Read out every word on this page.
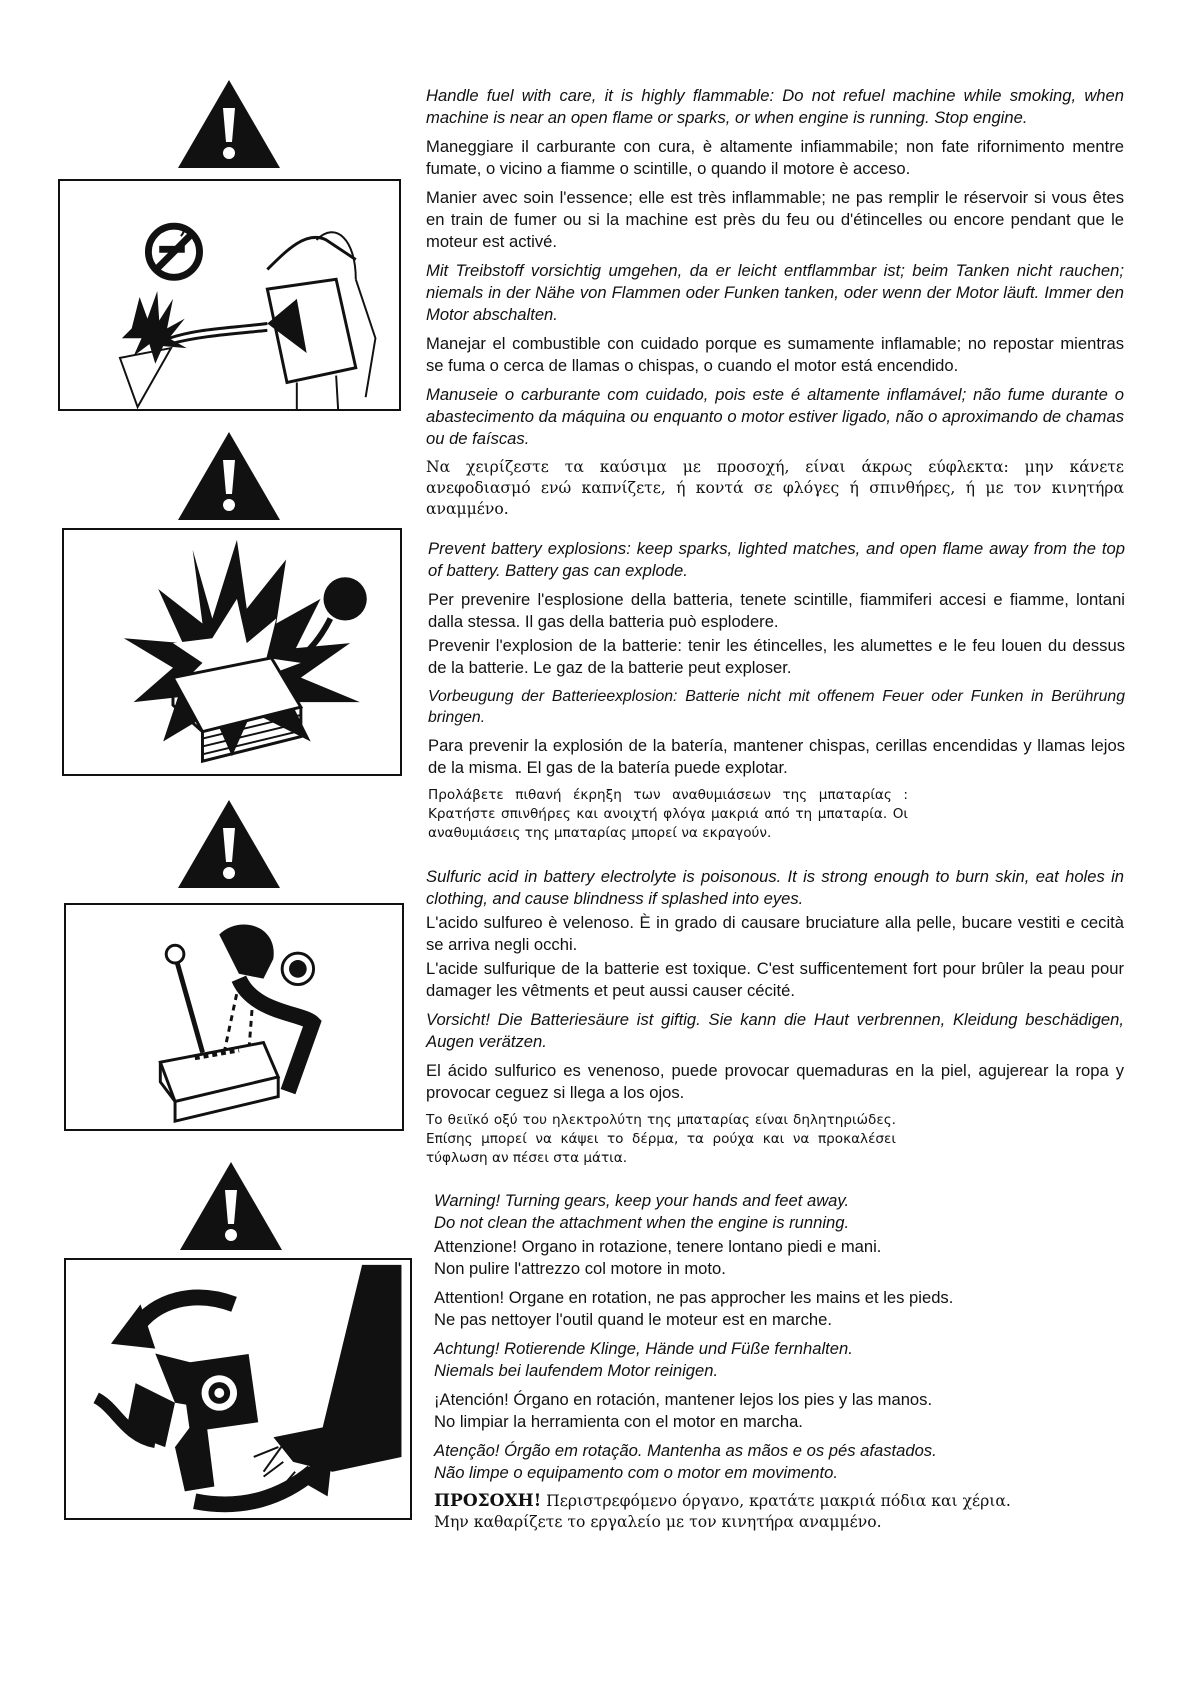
Handle fuel with care, it is highly flammable: Do not refuel machine while smoking, when machine is near an open flame or sparks, or when engine is running. Stop engine.

Maneggiare il carburante con cura, è altamente infiammabile; non fate rifornimento mentre fumate, o vicino a fiamme o scintille, o quando il motore è acceso.

Manier avec soin l'essence; elle est très inflammable; ne pas remplir le réservoir si vous êtes en train de fumer ou si la machine est près du feu ou d'étincelles ou encore pendant que le moteur est activé.

Mit Treibstoff vorsichtig umgehen, da er leicht entflammbar ist; beim Tanken nicht rauchen; niemals in der Nähe von Flammen oder Funken tanken, oder wenn der Motor läuft. Immer den Motor abschalten.

Manejar el combustible con cuidado porque es sumamente inflamable; no repostar mientras se fuma o cerca de llamas o chispas, o cuando el motor está encendido.

Manuseie o carburante com cuidado, pois este é altamente inflamável; não fume durante o abastecimento da máquina ou enquanto o motor estiver ligado, não o aproximando de chamas ou de faíscas.

Να χειρίζεστε τα καύσιμα με προσοχή, είναι άκρως εύφλεκτα: μην κάνετε ανεφοδιασμό ενώ καπνίζετε, ή κοντά σε φλόγες ή σπινθήρες, ή με τον κινητήρα αναμμένο.

Prevent battery explosions: keep sparks, lighted matches, and open flame away from the top of battery. Battery gas can explode.

Per prevenire l'esplosione della batteria, tenete scintille, fiammiferi accesi e fiamme, lontani dalla stessa. Il gas della batteria può esplodere.

Prevenir l'explosion de la batterie: tenir les étincelles, les alumettes e le feu louen du dessus de la batterie. Le gaz de la batterie peut exploser.

Vorbeugung der Batterieexplosion: Batterie nicht mit offenem Feuer oder Funken in Berührung bringen.

Para prevenir la explosión de la batería, mantener chispas, cerillas encendidas y llamas lejos de la misma. El gas de la batería puede explotar.

Προλάβετε πιθανή έκρηξη των αναθυμιάσεων της μπαταρίας : Κρατήστε σπινθήρες και ανοιχτή φλόγα μακριά από τη μπαταρία. Οι αναθυμιάσεις της μπαταρίας μπορεί να εκραγούν.

Sulfuric acid in battery electrolyte is poisonous. It is strong enough to burn skin, eat holes in clothing, and cause blindness if splashed into eyes.

L'acido sulfureo è velenoso. È in grado di causare bruciature alla pelle, bucare vestiti e cecità se arriva negli occhi.

L'acide sulfurique de la batterie est toxique. C'est sufficentement fort pour brûler la peau pour damager les vêtments et peut aussi causer cécité.

Vorsicht! Die Batteriesäure ist giftig. Sie kann die Haut verbrennen, Kleidung beschädigen, Augen verätzen.

El ácido sulfurico es venenoso, puede provocar quemaduras en la piel, agujerear la ropa y provocar ceguez si llega a los ojos.

Το θειϊκό οξύ του ηλεκτρολύτη της μπαταρίας είναι δηλητηριώδες. Επίσης μπορεί να κάψει το δέρμα, τα ρούχα και να προκαλέσει τύφλωση αν πέσει στα μάτια.

Warning! Turning gears, keep your hands and feet away.
Do not clean the attachment when the engine is running.

Attenzione! Organo in rotazione, tenere lontano piedi e mani.
Non pulire l'attrezzo col motore in moto.

Attention! Organe en rotation, ne pas approcher les mains et les pieds.
Ne pas nettoyer l'outil quand le moteur est en marche.

Achtung! Rotierende Klinge, Hände und Füße fernhalten.
Niemals bei laufendem Motor reinigen.

¡Atención! Órgano en rotación, mantener lejos los pies y las manos.
No limpiar la herramienta con el motor en marcha.

Atenção! Órgão em rotação. Mantenha as mãos e os pés afastados.
Não limpe o equipamento com o motor em movimento.

ΠΡΟΣΟΧΗ! Περιστρεφόμενο όργανο, κρατάτε μακριά πόδια και χέρια.
Μην καθαρίζετε το εργαλείο με τον κινητήρα αναμμένο.
